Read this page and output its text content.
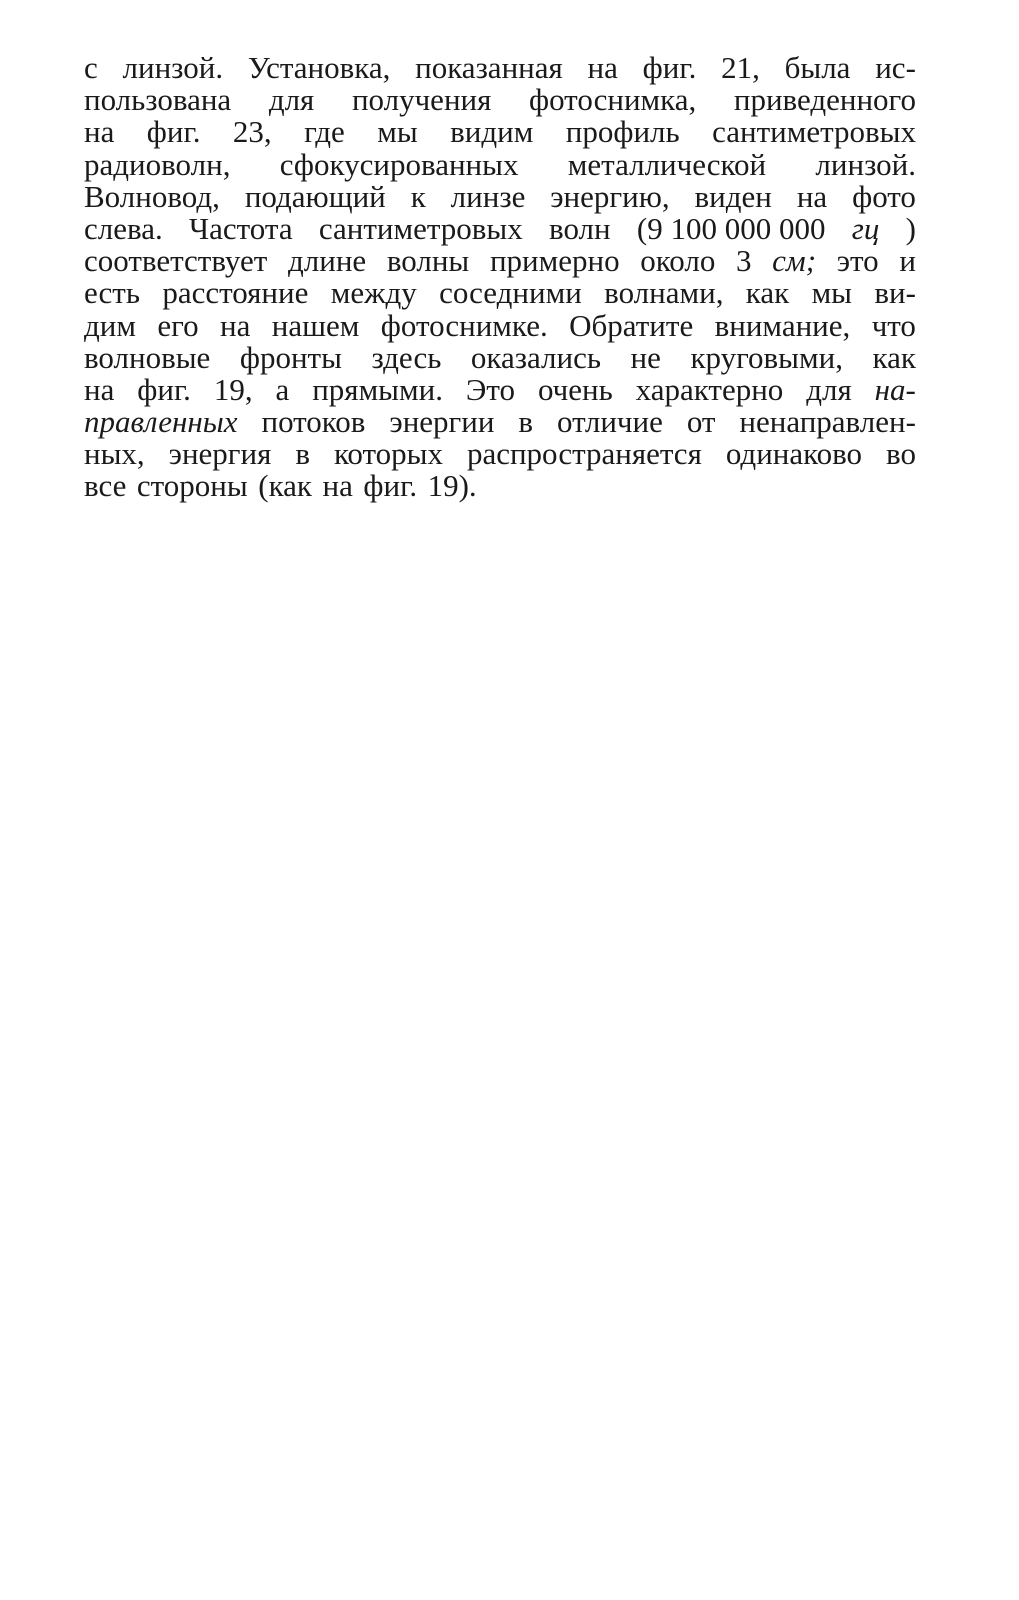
с линзой. Установка, показанная на фиг. 21, была ис-
пользована для получения фотоснимка, приведенного
на фиг. 23, где мы видим профиль сантиметровых
радиоволн, сфокусированных металлической линзой.
Волновод, подающий к линзе энергию, виден на фото
слева. Частота сантиметровых волн (9 100 000 000 гц )
соответствует длине волны примерно около 3 см; это и
есть расстояние между соседними волнами, как мы ви-
дим его на нашем фотоснимке. Обратите внимание, что
волновые фронты здесь оказались не круговыми, как
на фиг. 19, а прямыми. Это очень характерно для на-
правленных потоков энергии в отличие от ненаправлен-
ных, энергия в которых распространяется одинаково во
все стороны (как на фиг. 19).
